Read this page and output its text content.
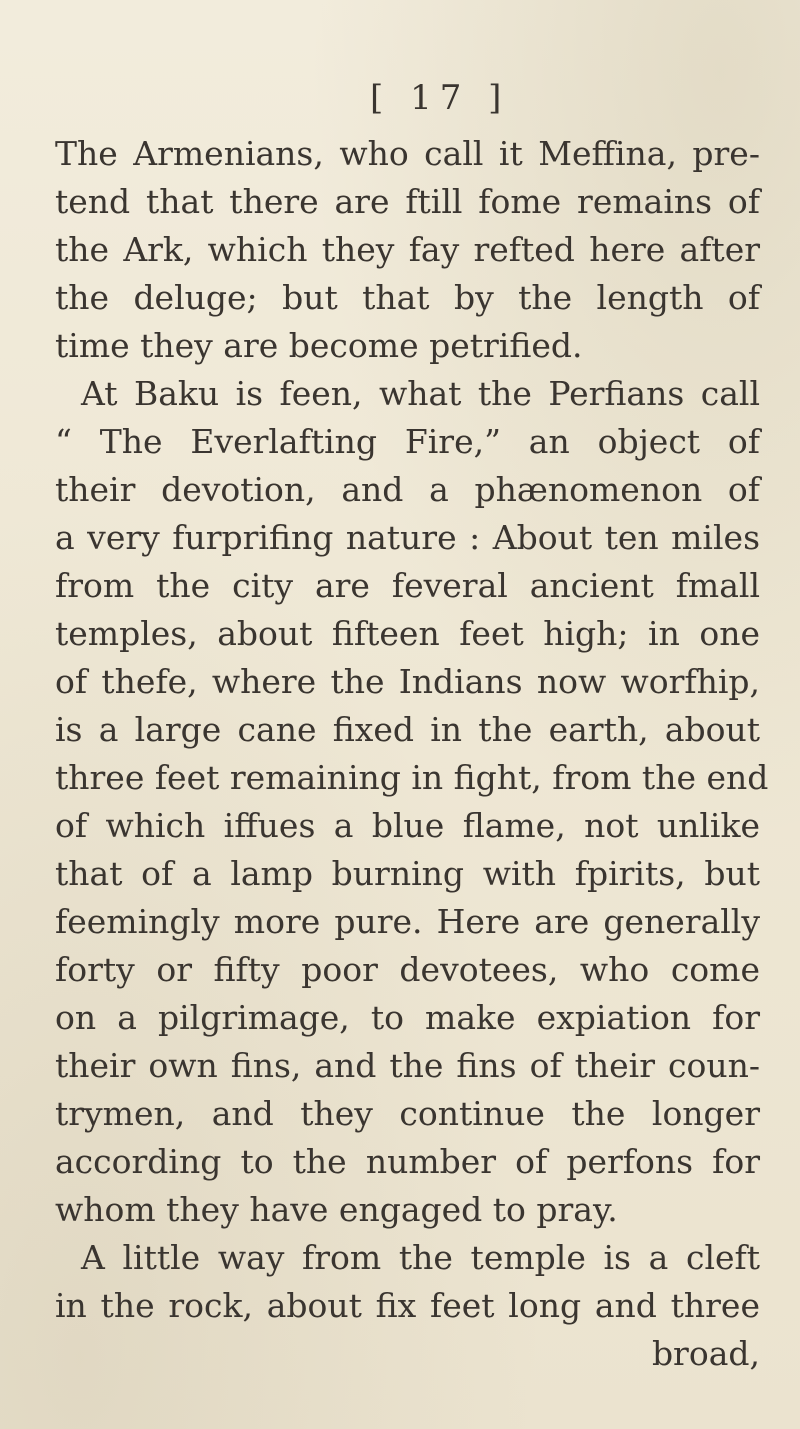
[ 17 ]
The Armenians, who call it Meffina, pre-
tend that there are ftill fome remains of
the Ark, which they fay refted here after
the deluge; but that by the length of
time they are become petrified.
At Baku is feen, what the Perfians call
“ The Everlafting Fire,” an object of
their devotion, and a phænomenon of
a very furprifing nature : About ten miles
from the city are feveral ancient fmall
temples, about fifteen feet high; in one
of thefe, where the Indians now worfhip,
is a large cane fixed in the earth, about
three feet remaining in fight, from the end
of which iffues a blue flame, not unlike
that of a lamp burning with fpirits, but
feemingly more pure. Here are generally
forty or fifty poor devotees, who come
on a pilgrimage, to make expiation for
their own fins, and the fins of their coun-
trymen, and they continue the longer
according to the number of perfons for
whom they have engaged to pray.
A little way from the temple is a cleft
in the rock, about fix feet long and three
broad,
